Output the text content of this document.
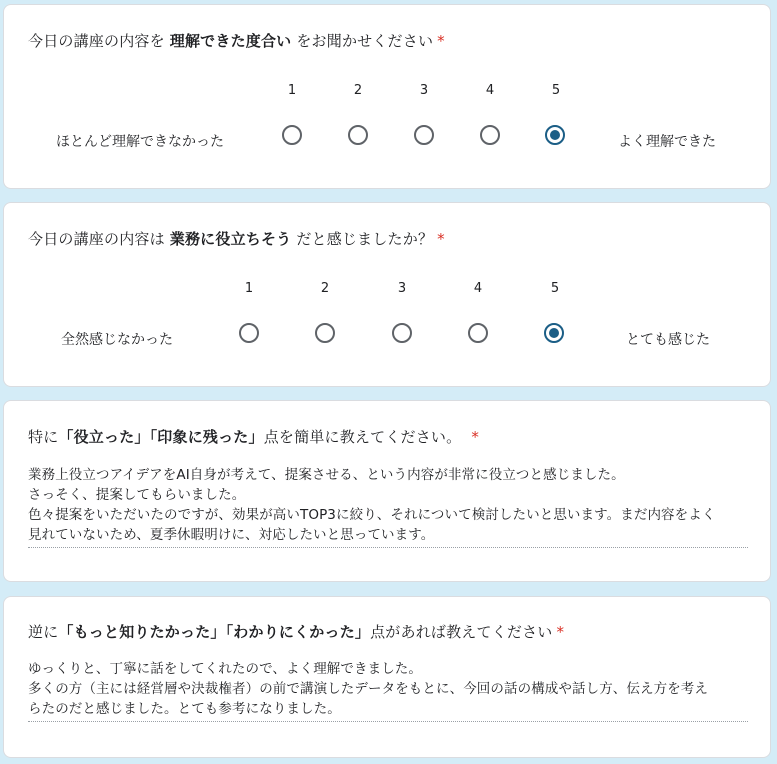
今日の講座の内容を 理解できた度合い をお聞かせください *
1	2	3	4	5
ほとんど理解できなかった	よく理解できた
今日の講座の内容は 業務に役立ちそう だと感じましたか？ *
1	2	3	4	5
全然感じなかった	とても感じた
特に「役立った」「印象に残った」点を簡単に教えてください。 *
業務上役立つアイデアをAI自身が考えて、提案させる、という内容が非常に役立つと感じました。
さっそく、提案してもらいました。
色々提案をいただいたのですが、効果が高いTOP3に絞り、それについて検討したいと思います。まだ内容をよく
見れていないため、夏季休暇明けに、対応したいと思っています。
逆に「もっと知りたかった」「わかりにくかった」点があれば教えてください *
ゆっくりと、丁寧に話をしてくれたので、よく理解できました。
多くの方（主には経営層や決裁権者）の前で講演したデータをもとに、今回の話の構成や話し方、伝え方を考え
らたのだと感じました。とても参考になりました。
